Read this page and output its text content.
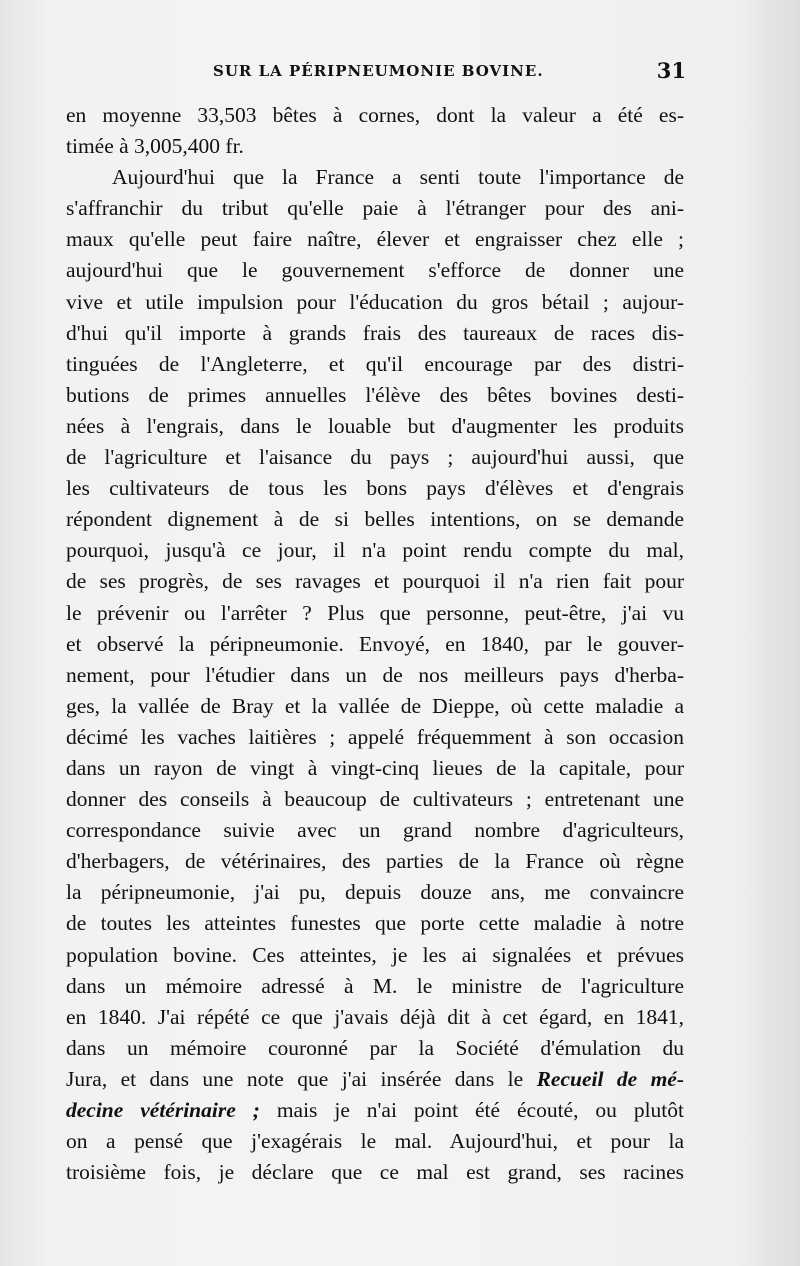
SUR LA PÉRIPNEUMONIE BOVINE.	31
en moyenne 33,503 bêtes à cornes, dont la valeur a été es-
timée à 3,005,400 fr.
Aujourd'hui que la France a senti toute l'importance de
s'affranchir du tribut qu'elle paie à l'étranger pour des ani-
maux qu'elle peut faire naître, élever et engraisser chez elle ;
aujourd'hui que le gouvernement s'efforce de donner une
vive et utile impulsion pour l'éducation du gros bétail ; aujour-
d'hui qu'il importe à grands frais des taureaux de races dis-
tinguées de l'Angleterre, et qu'il encourage par des distri-
butions de primes annuelles l'élève des bêtes bovines desti-
nées à l'engrais, dans le louable but d'augmenter les produits
de l'agriculture et l'aisance du pays ; aujourd'hui aussi, que
les cultivateurs de tous les bons pays d'élèves et d'engrais
répondent dignement à de si belles intentions, on se demande
pourquoi, jusqu'à ce jour, il n'a point rendu compte du mal,
de ses progrès, de ses ravages et pourquoi il n'a rien fait pour
le prévenir ou l'arrêter ? Plus que personne, peut-être, j'ai vu
et observé la péripneumonie. Envoyé, en 1840, par le gouver-
nement, pour l'étudier dans un de nos meilleurs pays d'herba-
ges, la vallée de Bray et la vallée de Dieppe, où cette maladie a
décimé les vaches laitières ; appelé fréquemment à son occasion
dans un rayon de vingt à vingt-cinq lieues de la capitale, pour
donner des conseils à beaucoup de cultivateurs ; entretenant une
correspondance suivie avec un grand nombre d'agriculteurs,
d'herbagers, de vétérinaires, des parties de la France où règne
la péripneumonie, j'ai pu, depuis douze ans, me convaincre
de toutes les atteintes funestes que porte cette maladie à notre
population bovine. Ces atteintes, je les ai signalées et prévues
dans un mémoire adressé à M. le ministre de l'agriculture
en 1840. J'ai répété ce que j'avais déjà dit à cet égard, en 1841,
dans un mémoire couronné par la Société d'émulation du
Jura, et dans une note que j'ai insérée dans le Recueil de mé-
decine vétérinaire ; mais je n'ai point été écouté, ou plutôt
on a pensé que j'exagérais le mal. Aujourd'hui, et pour la
troisième fois, je déclare que ce mal est grand, ses racines
